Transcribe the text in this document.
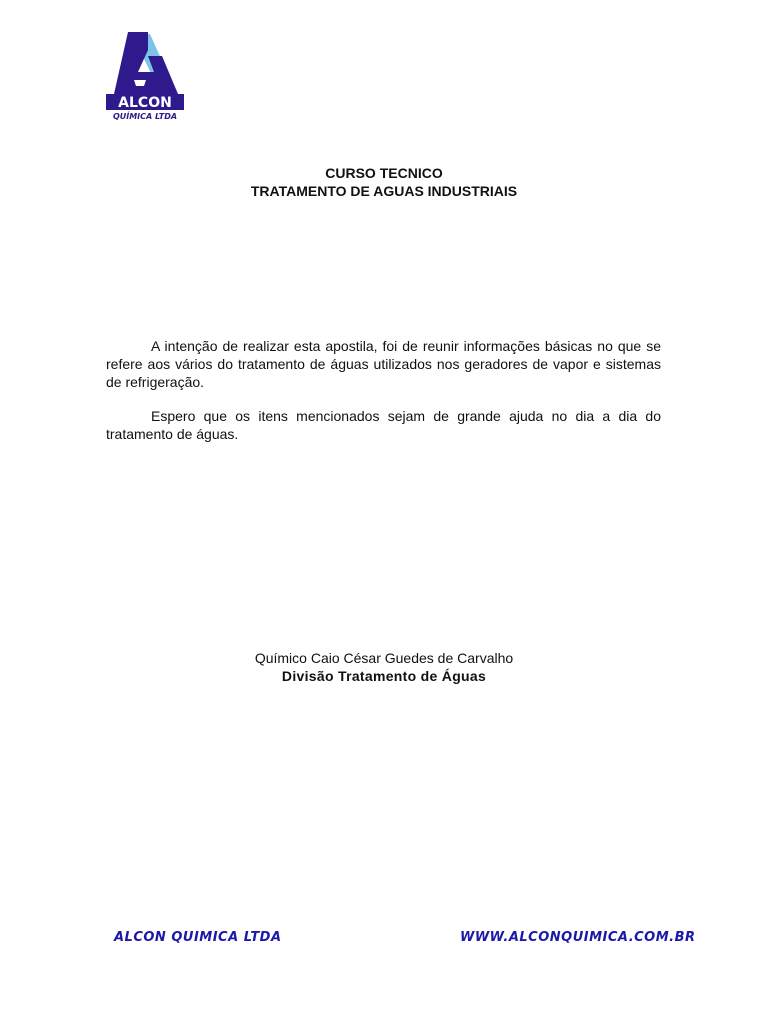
ALCON
QUÍMICA LTDA
CURSO TECNICO
TRATAMENTO DE AGUAS INDUSTRIAIS

A intenção de realizar esta apostila, foi de reunir informações básicas no que se refere aos vários do tratamento de águas utilizados nos geradores de vapor e sistemas de refrigeração.

Espero que os itens mencionados sejam de grande ajuda no dia a dia do tratamento de águas.

Químico Caio César Guedes de Carvalho
Divisão Tratamento de Águas
ALCON QUIMICA LTDA	WWW.ALCONQUIMICA.COM.BR
